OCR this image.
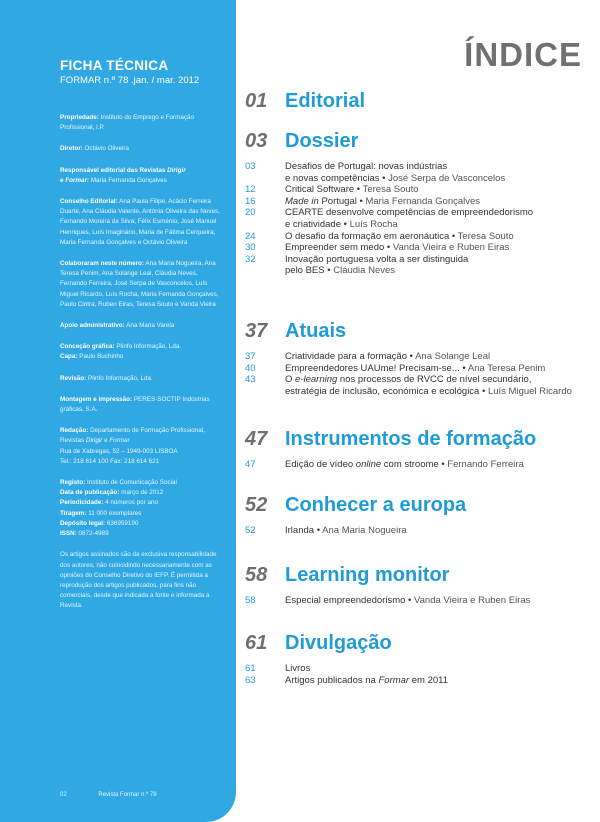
FICHA TÉCNICA
FORMAR n.º 78 .jan. / mar. 2012
Propriedade: Instituto do Emprego e Formação Profissional, I.P.
Diretor: Octávio Oliveira
Responsável editorial das Revistas Dirigir
e Formar: Maria Fernanda Gonçalves
Conselho Editorial: Ana Paula Filipe, Acácio Ferreira Duarte, Ana Cláudia Valente, Antónia Oliveira das Neves, Fernando Moreira da Silva, Félix Esménio, José Manuel Henriques, Luís Imaginário, Maria de Fátima Cerqueira, Maria Fernanda Gonçalves e Octávio Oliveira
Colaboraram neste número: Ana Maria Nogueira, Ana Teresa Penim, Ana Solange Leal, Cláudia Neves, Fernando Ferreira, José Serpa de Vasconcelos, Luís Miguel Ricardo, Luís Rocha, Maria Fernanda Gonçalves, Paulo Cintra, Ruben Eiras, Teresa Souto e Vanda Vieira
Apoio administrativo: Ana Maria Varela
Conceção gráfica: Plinfo Informação, Lda.
Capa: Paulo Buchinho
Revisão: Plinfo Informação, Lda.
Montagem e impressão: PERES-SOCTIP Indústrias gráficas, S.A.
Redação: Departamento de Formação Profissional, Revistas Dirigir e Formar
Rua de Xabregas, 52 – 1949-003 LISBOA
Tel.: 218 614 100 Fax: 218 614 621
Registo: Instituto de Comunicação Social
Data de publicação: março de 2012
Periodicidade: 4 números por ano
Tiragem: 11 000 exemplares
Depósito legal: 636959190
ISSN: 0872-4989
Os artigos assinados são da exclusiva responsabilidade dos autores, não coincidindo necessariamente com as opiniões do Conselho Diretivo do IEFP. É permitida a reprodução dos artigos publicados, para fins não comerciais, desde que indicada a fonte e informada a Revista.
02	Revista Formar n.º 78
ÍNDICE
01 Editorial
03 Dossier
03	Desafios de Portugal: novas indústrias
e novas competências • José Serpa de Vasconcelos
12	Critical Software • Teresa Souto
16	Made in Portugal • Maria Fernanda Gonçalves
20	CEARTE desenvolve competências de empreendedorismo
e criatividade • Luís Rocha
24	O desafio da formação em aeronáutica • Teresa Souto
30	Empreender sem medo • Vanda Vieira e Ruben Eiras
32	Inovação portuguesa volta a ser distinguida
pelo BES • Cláudia Neves
37 Atuais
37	Criatividade para a formação • Ana Solange Leal
40	Empreendedores UAUme! Precisam-se... • Ana Teresa Penim
43	O e-learning nos processos de RVCC de nível secundário,
estratégia de inclusão, económica e ecológica • Luís Miguel Ricardo
47 Instrumentos de formação
47	Edição de vídeo online com stroome • Fernando Ferreira
52 Conhecer a europa
52	Irlanda • Ana Maria Nogueira
58 Learning monitor
58	Especial empreendedorismo • Vanda Vieira e Ruben Eiras
61 Divulgação
61	Livros
63	Artigos publicados na Formar em 2011
